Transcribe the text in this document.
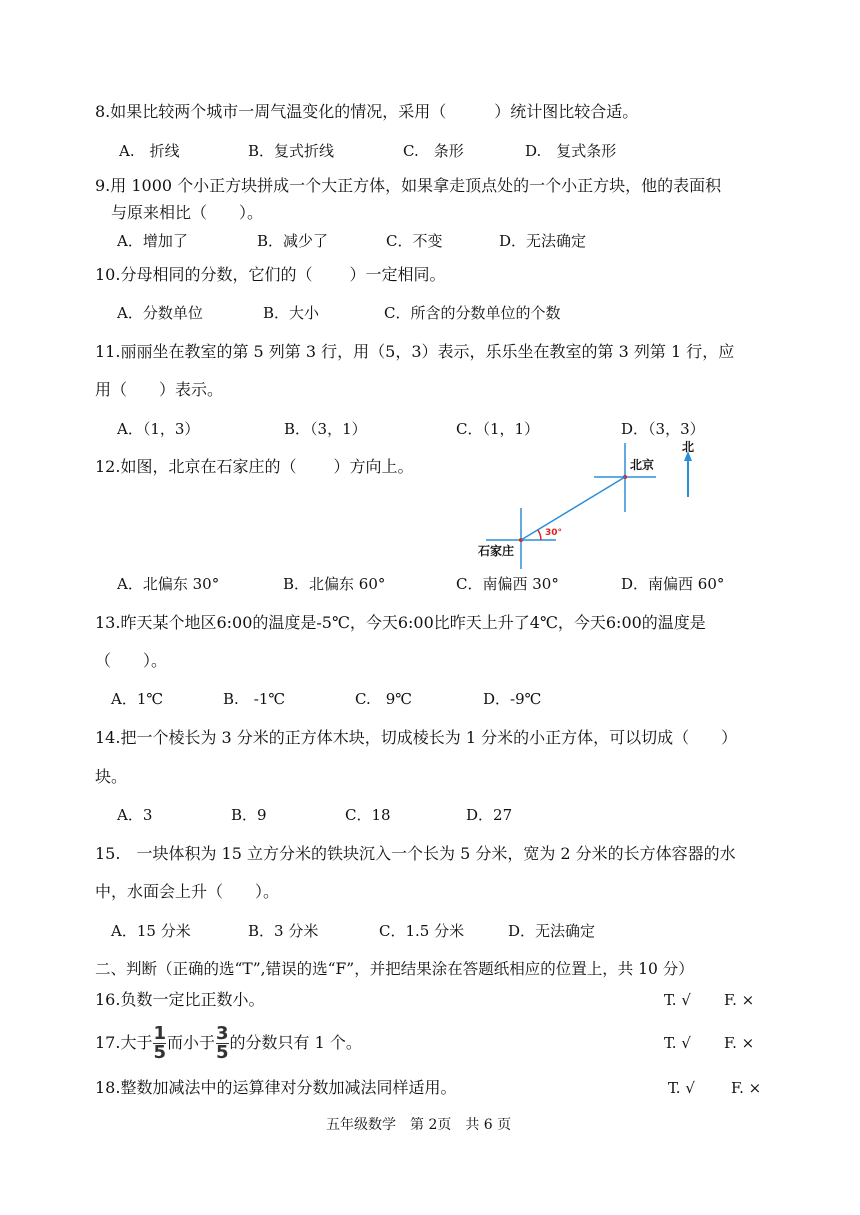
8.如果比较两个城市一周气温变化的情况，采用（　　　）统计图比较合适。
A.　折线	B．复式折线	C.　条形	D.　复式条形
9.用 1000 个小正方块拼成一个大正方体，如果拿走顶点处的一个小正方块，他的表面积
与原来相比（　　）。
A．增加了	B．减少了	C．不变	D．无法确定
10.分母相同的分数，它们的（　　 ）一定相同。
A．分数单位	B．大小	C．所含的分数单位的个数
11.丽丽坐在教室的第 5 列第 3 行，用（5，3）表示，乐乐坐在教室的第 3 列第 1 行，应
用（　　）表示。
A．（1，3）	B．（3，1）	C．（1，1）	D．（3，3）
12.如图，北京在石家庄的（　　 ）方向上。
北
北京
石家庄
30°
A．北偏东 30°	B．北偏东 60°	C．南偏西 30°	D．南偏西 60°
13.昨天某个地区6:00的温度是-5℃，今天6:00比昨天上升了4℃，今天6:00的温度是
（　　）。
A．1℃	B.　-1℃	C.　9℃	D．-9℃
14.把一个棱长为 3 分米的正方体木块，切成棱长为 1 分米的小正方体，可以切成（　　）
块。
A．3	B．9	C．18	D．27
15.　一块体积为 15 立方分米的铁块沉入一个长为 5 分米，宽为 2 分米的长方体容器的水
中，水面会上升（　　）。
A．15 分米	B．3 分米	C．1.5 分米	D．无法确定
二、判断（正确的选“T”,错误的选“F”，并把结果涂在答题纸相应的位置上，共 10 分）
16.负数一定比正数小。	T. √ F. ×
17.大于 $\frac{1}{5}$ 而小于 $\frac{3}{5}$ 的分数只有 1 个。	T. √ F. ×
18.整数加减法中的运算律对分数加减法同样适用。	T. √ F. ×
五年级数学　第 2页　共 6 页
